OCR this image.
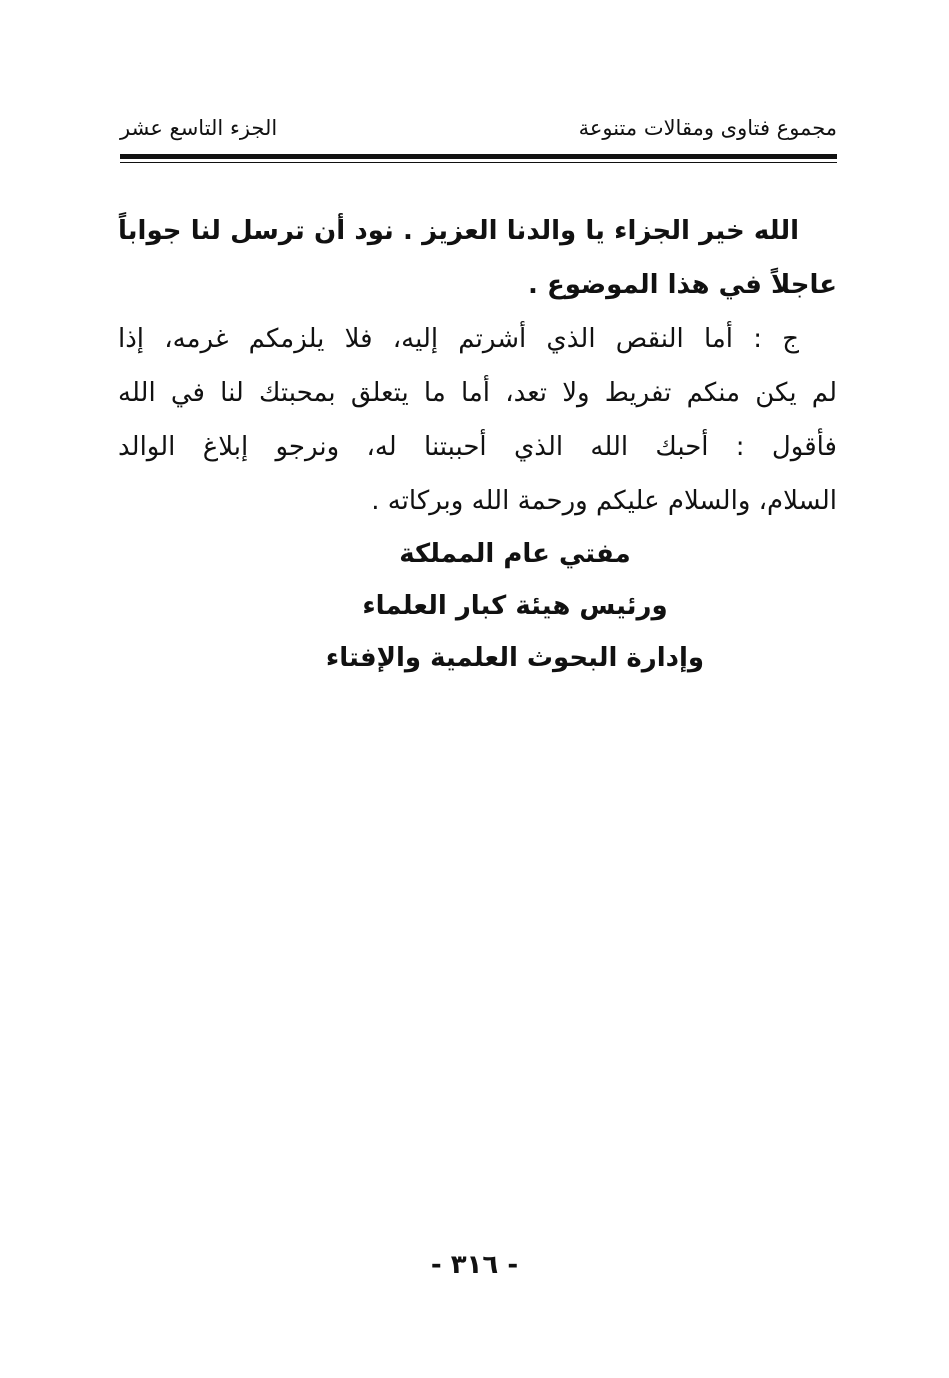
مجموع فتاوى ومقالات متنوعة
الجزء التاسع عشر
الله خير الجزاء يا والدنا العزيز . نود أن ترسل لنا جواباً
عاجلاً في هذا الموضوع .
ج : أما النقص الذي أشرتم إليه، فلا يلزمكم غرمه، إذا
لم يكن منكم تفريط ولا تعد، أما ما يتعلق بمحبتك لنا في الله
فأقول : أحبك الله الذي أحببتنا له، ونرجو إبلاغ الوالد
السلام، والسلام عليكم ورحمة الله وبركاته .
مفتي عام المملكة
ورئيس هيئة كبار العلماء
وإدارة البحوث العلمية والإفتاء
- ٣١٦ -
